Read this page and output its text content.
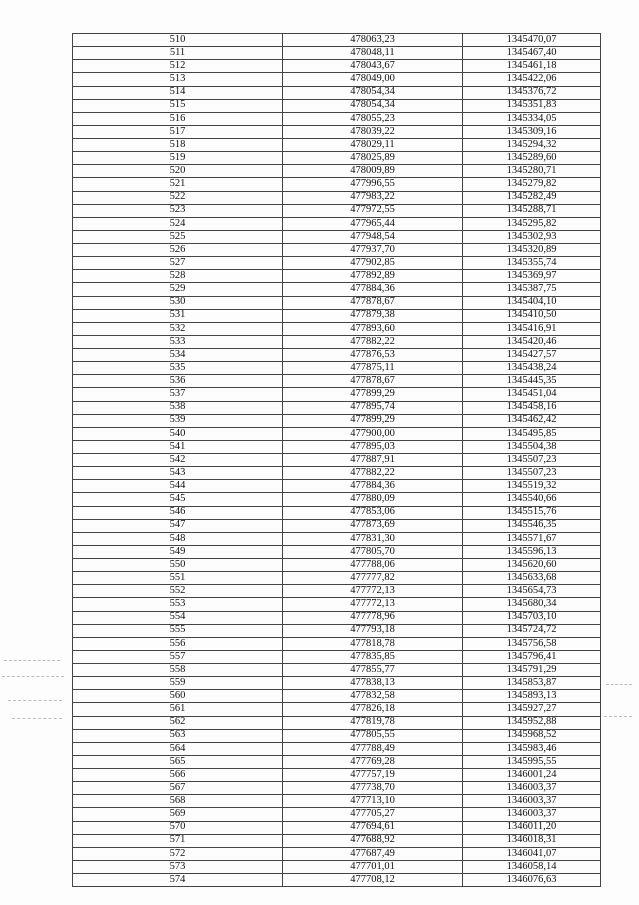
510	478063,23	1345470,07
511	478048,11	1345467,40
512	478043,67	1345461,18
513	478049,00	1345422,06
514	478054,34	1345376,72
515	478054,34	1345351,83
516	478055,23	1345334,05
517	478039,22	1345309,16
518	478029,11	1345294,32
519	478025,89	1345289,60
520	478009,89	1345280,71
521	477996,55	1345279,82
522	477983,22	1345282,49
523	477972,55	1345288,71
524	477965,44	1345295,82
525	477948,54	1345302,93
526	477937,70	1345320,89
527	477902,85	1345355,74
528	477892,89	1345369,97
529	477884,36	1345387,75
530	477878,67	1345404,10
531	477879,38	1345410,50
532	477893,60	1345416,91
533	477882,22	1345420,46
534	477876,53	1345427,57
535	477875,11	1345438,24
536	477878,67	1345445,35
537	477899,29	1345451,04
538	477895,74	1345458,16
539	477899,29	1345462,42
540	477900,00	1345495,85
541	477895,03	1345504,38
542	477887,91	1345507,23
543	477882,22	1345507,23
544	477884,36	1345519,32
545	477880,09	1345540,66
546	477853,06	1345515,76
547	477873,69	1345546,35
548	477831,30	1345571,67
549	477805,70	1345596,13
550	477788,06	1345620,60
551	477777,82	1345633,68
552	477772,13	1345654,73
553	477772,13	1345680,34
554	477778,96	1345703,10
555	477793,18	1345724,72
556	477818,78	1345756,58
557	477835,85	1345796,41
558	477855,77	1345791,29
559	477838,13	1345853,87
560	477832,58	1345893,13
561	477826,18	1345927,27
562	477819,78	1345952,88
563	477805,55	1345968,52
564	477788,49	1345983,46
565	477769,28	1345995,55
566	477757,19	1346001,24
567	477738,70	1346003,37
568	477713,10	1346003,37
569	477705,27	1346003,37
570	477694,61	1346011,20
571	477688,92	1346018,31
572	477687,49	1346041,07
573	477701,01	1346058,14
574	477708,12	1346076,63
